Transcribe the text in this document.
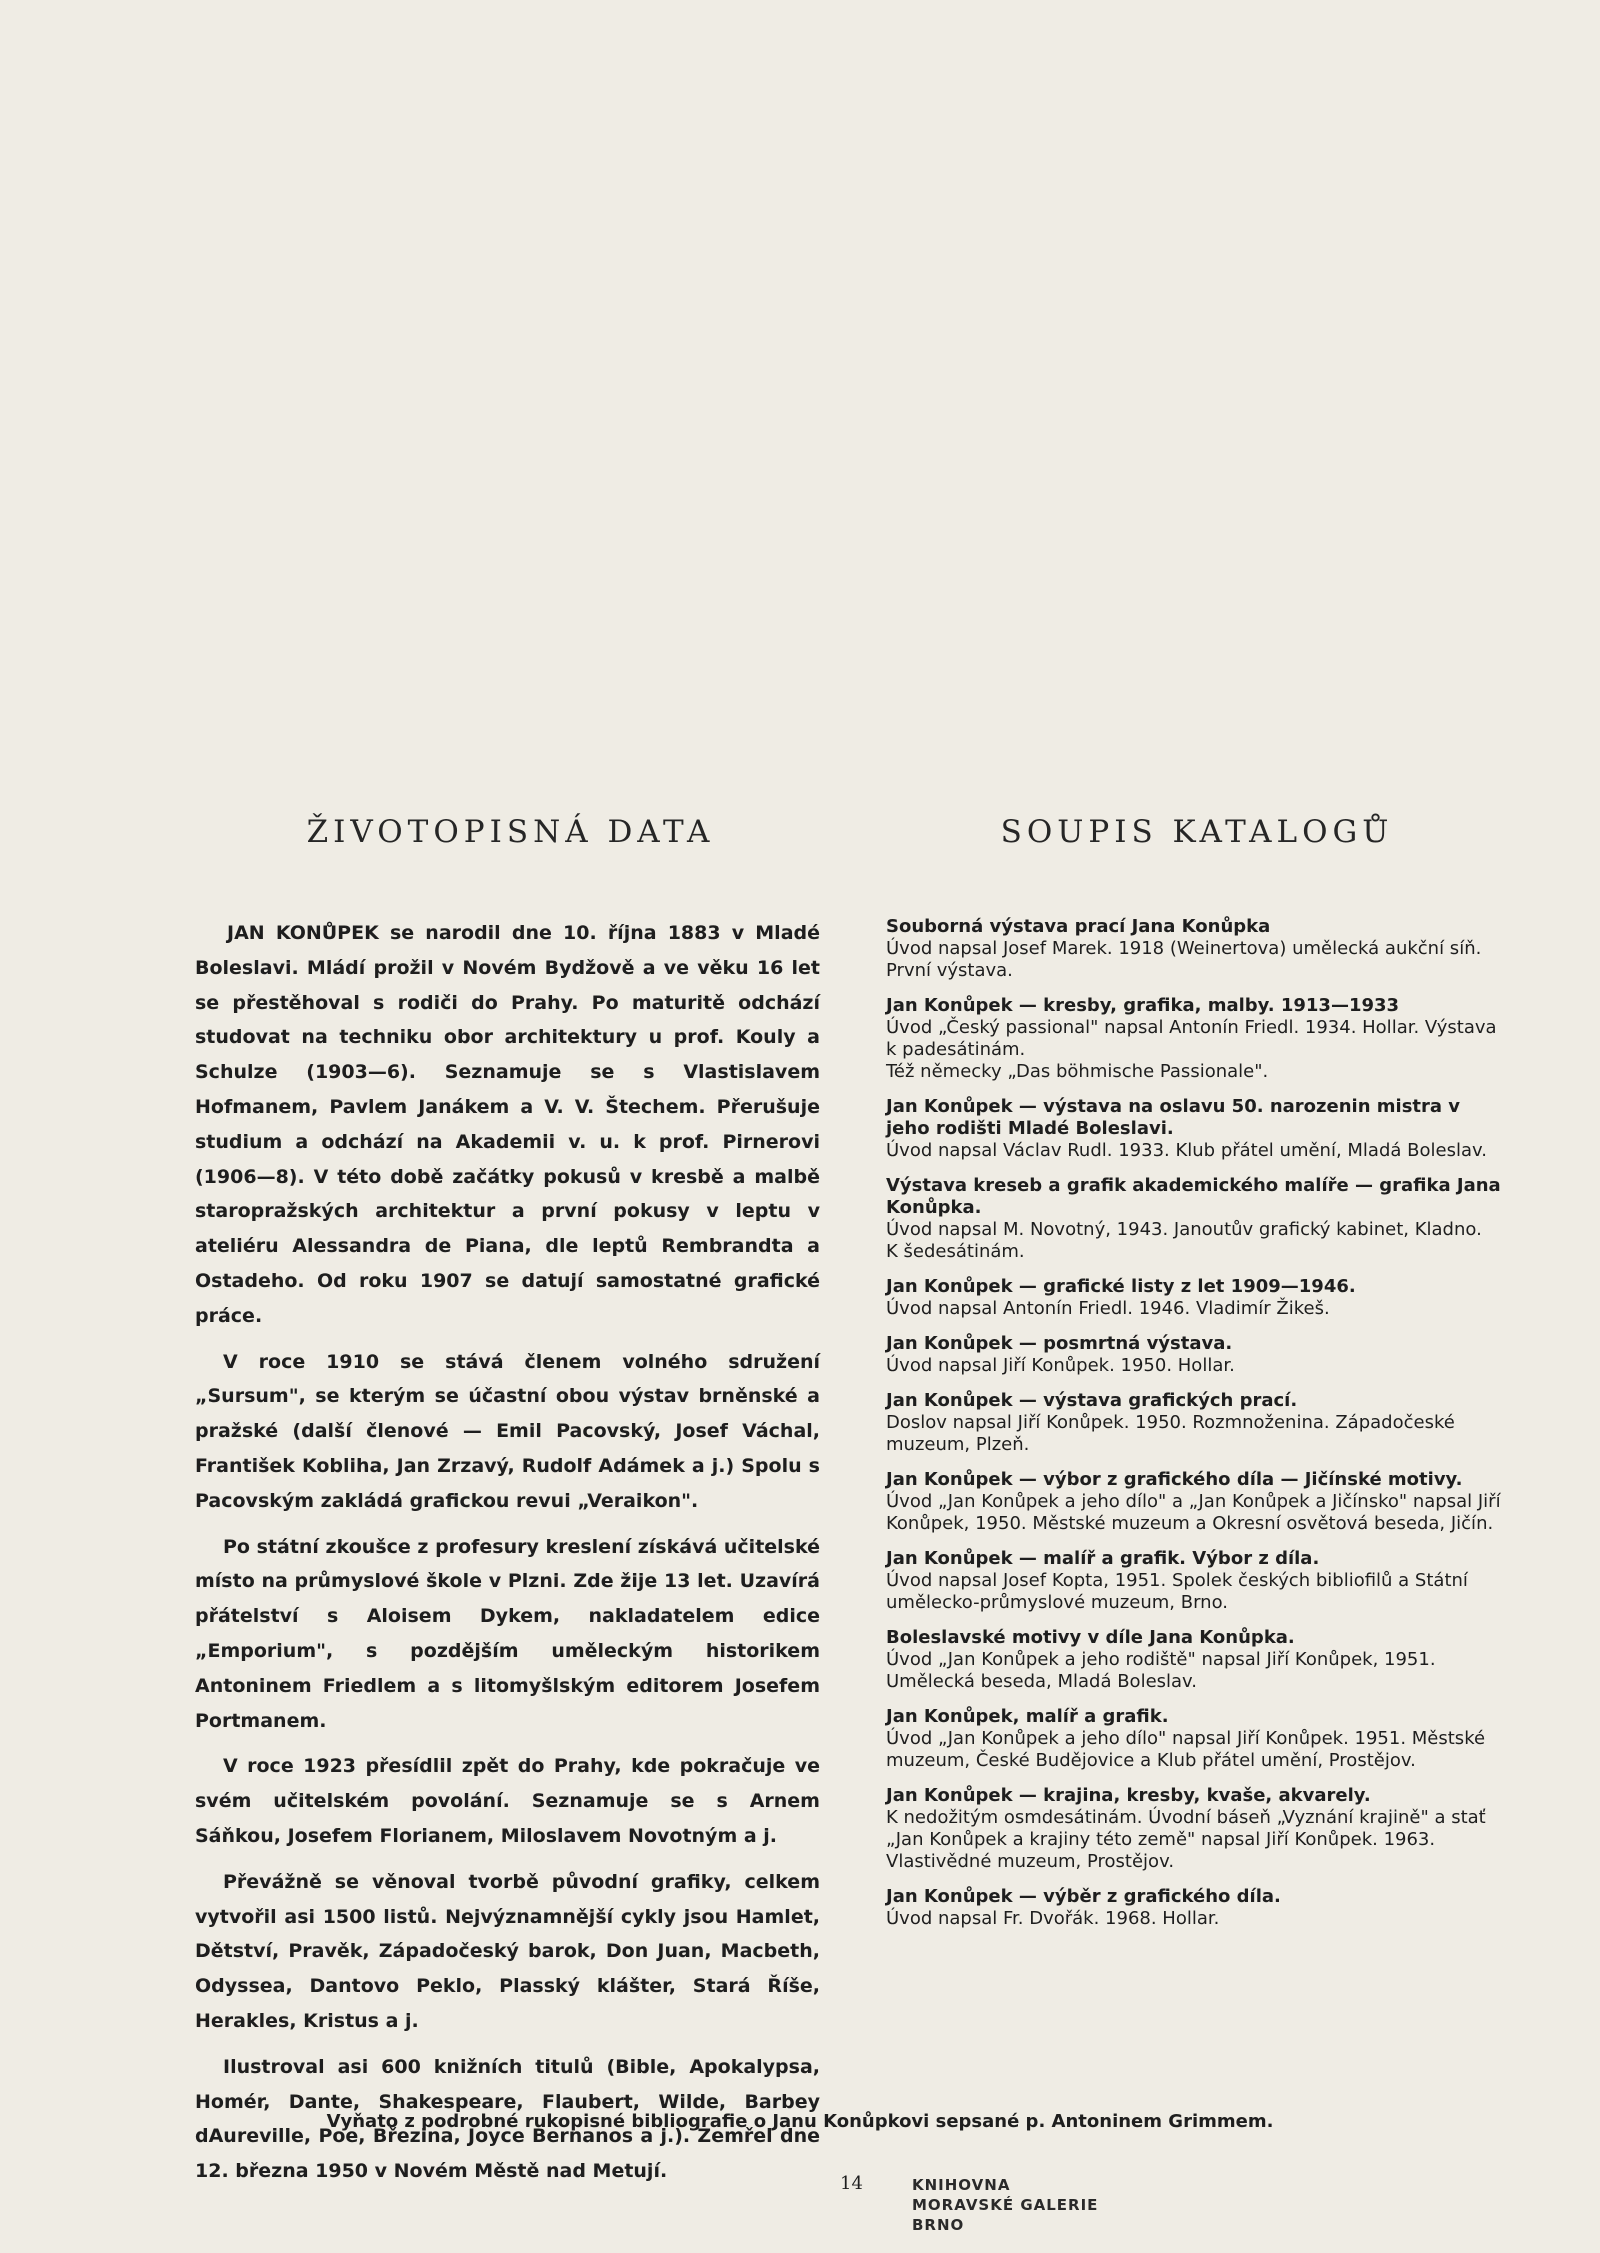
ŽIVOTOPISNÁ DATA

JAN KONŮPEK se narodil dne 10. října 1883 v Mladé Boleslavi. Mládí prožil v Novém Bydžově a ve věku 16 let se přestěhoval s rodiči do Prahy. Po maturitě odchází studovat na techniku obor architektury u prof. Kouly a Schulze (1903—6). Seznamuje se s Vlastislavem Hofmanem, Pavlem Janákem a V. V. Štechem. Přerušuje studium a odchází na Akademii v. u. k prof. Pirnerovi (1906—8). V této době začátky pokusů v kresbě a malbě staropražských architektur a první pokusy v leptu v ateliéru Alessandra de Piana, dle leptů Rembrandta a Ostadeho. Od roku 1907 se datují samostatné grafické práce.

V roce 1910 se stává členem volného sdružení „Sursum", se kterým se účastní obou výstav brněnské a pražské (další členové — Emil Pacovský, Josef Váchal, František Kobliha, Jan Zrzavý, Rudolf Adámek a j.) Spolu s Pacovským zakládá grafickou revui „Veraikon".

Po státní zkoušce z profesury kreslení získává učitelské místo na průmyslové škole v Plzni. Zde žije 13 let. Uzavírá přátelství s Aloisem Dykem, nakladatelem edice „Emporium", s pozdějším uměleckým historikem Antoninem Friedlem a s litomyšlským editorem Josefem Portmanem.

V roce 1923 přesídlil zpět do Prahy, kde pokračuje ve svém učitelském povolání. Seznamuje se s Arnem Sáňkou, Josefem Florianem, Miloslavem Novotným a j.

Převážně se věnoval tvorbě původní grafiky, celkem vytvořil asi 1500 listů. Nejvýznamnější cykly jsou Hamlet, Dětství, Pravěk, Západočeský barok, Don Juan, Macbeth, Odyssea, Dantovo Peklo, Plasský klášter, Stará Říše, Herakles, Kristus a j.

Ilustroval asi 600 knižních titulů (Bible, Apokalypsa, Homér, Dante, Shakespeare, Flaubert, Wilde, Barbey dAureville, Poe, Březina, Joyce Bernanos a j.). Zemřel dne 12. března 1950 v Novém Městě nad Metují.

SOUPIS KATALOGŮ
Souborná výstava prací Jana Konůpka
Úvod napsal Josef Marek. 1918 (Weinertova) umělecká aukční síň.
První výstava.
Jan Konůpek — kresby, grafika, malby. 1913—1933
Úvod „Český passional" napsal Antonín Friedl. 1934. Hollar. Výstava k padesátinám.
Též německy „Das böhmische Passionale".
Jan Konůpek — výstava na oslavu 50. narozenin mistra v jeho rodišti Mladé Boleslavi.
Úvod napsal Václav Rudl. 1933. Klub přátel umění, Mladá Boleslav.
Výstava kreseb a grafik akademického malíře — grafika Jana Konůpka.
Úvod napsal M. Novotný, 1943. Janoutův grafický kabinet, Kladno.
K šedesátinám.
Jan Konůpek — grafické listy z let 1909—1946.
Úvod napsal Antonín Friedl. 1946. Vladimír Žikeš.
Jan Konůpek — posmrtná výstava.
Úvod napsal Jiří Konůpek. 1950. Hollar.
Jan Konůpek — výstava grafických prací.
Doslov napsal Jiří Konůpek. 1950. Rozmnoženina. Západočeské muzeum, Plzeň.
Jan Konůpek — výbor z grafického díla — Jičínské motivy.
Úvod „Jan Konůpek a jeho dílo" a „Jan Konůpek a Jičínsko" napsal Jiří Konůpek, 1950. Městské muzeum a Okresní osvětová beseda, Jičín.
Jan Konůpek — malíř a grafik. Výbor z díla.
Úvod napsal Josef Kopta, 1951. Spolek českých bibliofilů a Státní umělecko-průmyslové muzeum, Brno.
Boleslavské motivy v díle Jana Konůpka.
Úvod „Jan Konůpek a jeho rodiště" napsal Jiří Konůpek, 1951. Umělecká beseda, Mladá Boleslav.
Jan Konůpek, malíř a grafik.
Úvod „Jan Konůpek a jeho dílo" napsal Jiří Konůpek. 1951. Městské muzeum, České Budějovice a Klub přátel umění, Prostějov.
Jan Konůpek — krajina, kresby, kvaše, akvarely.
K nedožitým osmdesátinám. Úvodní báseň „Vyznání krajině" a stať „Jan Konůpek a krajiny této země" napsal Jiří Konůpek. 1963. Vlastivědné muzeum, Prostějov.
Jan Konůpek — výběr z grafického díla.
Úvod napsal Fr. Dvořák. 1968. Hollar.

Vyňato z podrobné rukopisné bibliografie o Janu Konůpkovi sepsané p. Antoninem Grimmem.

14	KNIHOVNA
MORAVSKÉ GALERIE
BRNO
